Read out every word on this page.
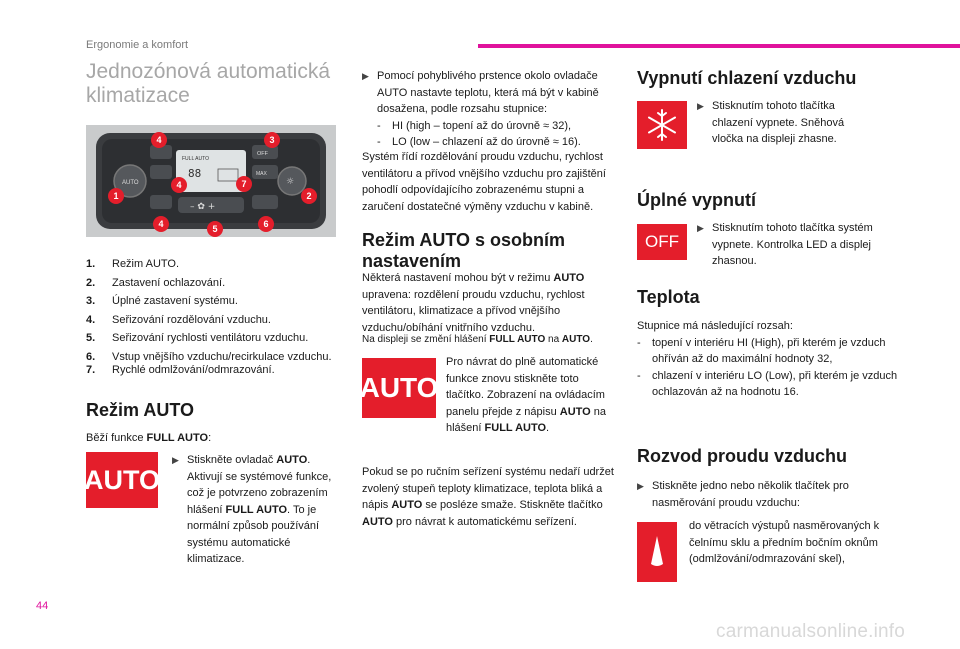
Ergonomie a komfort
Jednozónová automatická klimatizace
FULL AUTO
88
AUTO	☼
OFF
MAX
– ✿ +
4	3
1
4	7
2
4	5	6
1.	Režim AUTO.
2.	Zastavení ochlazování.
3.	Úplné zastavení systému.
4.	Seřizování rozdělování vzduchu.
5.	Seřizování rychlosti ventilátoru vzduchu.
6.	Vstup vnějšího vzduchu/recirkulace vzduchu.
7.	Rychlé odmlžování/odmrazování.
Režim AUTO
Běží funkce FULL AUTO:
AUTO
▶ Stiskněte ovladač AUTO. Aktivují se systémové funkce, což je potvrzeno zobrazením hlášení FULL AUTO. To je normální způsob používání systému automatické klimatizace.
▶ Pomocí pohyblivého prstence okolo ovladače AUTO nastavte teplotu, která má být v kabině dosažena, podle rozsahu stupnice:
-	HI (high – topení až do úrovně ≈ 32),
-	LO (low – chlazení až do úrovně ≈ 16).
Systém řídí rozdělování proudu vzduchu, rychlost ventilátoru a přívod vnějšího vzduchu pro zajištění pohodlí odpovídajícího zobrazenému stupni a zaručení dostatečné výměny vzduchu v kabině.
Režim AUTO s osobním nastavením
Některá nastavení mohou být v režimu AUTO upravena: rozdělení proudu vzduchu, rychlost ventilátoru, klimatizace a přívod vnějšího vzduchu/obíhání vnitřního vzduchu.
Na displeji se změní hlášení FULL AUTO na AUTO.
AUTO
Pro návrat do plně automatické funkce znovu stiskněte toto tlačítko. Zobrazení na ovládacím panelu přejde z nápisu AUTO na hlášení FULL AUTO.
Pokud se po ručním seřízení systému nedaří udržet zvolený stupeň teploty klimatizace, teplota bliká a nápis AUTO se posléze smaže. Stiskněte tlačítko AUTO pro návrat k automatickému seřízení.
Vypnutí chlazení vzduchu
▶ Stisknutím tohoto tlačítka chlazení vypnete. Sněhová vločka na displeji zhasne.
Úplné vypnutí
OFF
▶ Stisknutím tohoto tlačítka systém vypnete. Kontrolka LED a displej zhasnou.
Teplota
Stupnice má následující rozsah:
-	topení v interiéru HI (High), při kterém je vzduch ohříván až do maximální hodnoty 32,
-	chlazení v interiéru LO (Low), při kterém je vzduch ochlazován až na hodnotu 16.
Rozvod proudu vzduchu
▶ Stiskněte jedno nebo několik tlačítek pro nasměrování proudu vzduchu:
do větracích výstupů nasměrovaných k čelnímu sklu a předním bočním oknům (odmlžování/odmrazování skel),
44
carmanualsonline.info
